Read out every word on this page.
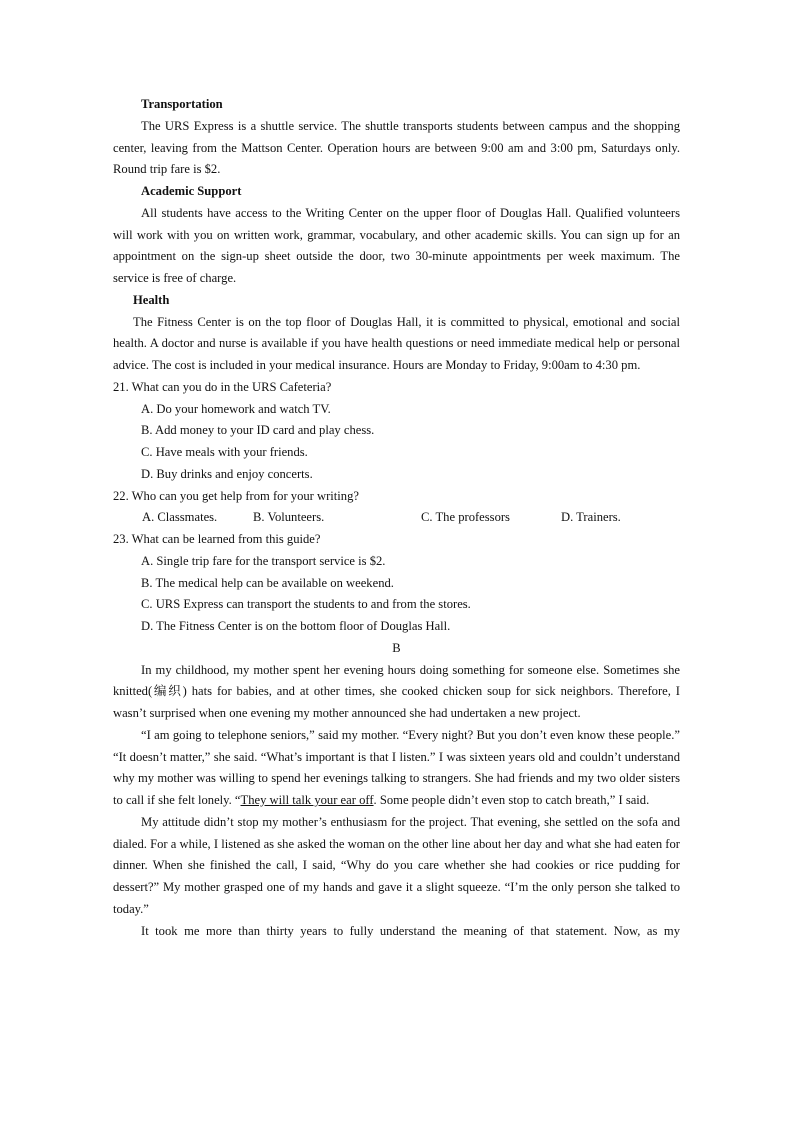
Transportation

The URS Express is a shuttle service. The shuttle transports students between campus and the shopping center, leaving from the Mattson Center. Operation hours are between 9:00 am and 3:00 pm, Saturdays only. Round trip fare is $2.

Academic Support

All students have access to the Writing Center on the upper floor of Douglas Hall. Qualified volunteers will work with you on written work, grammar, vocabulary, and other academic skills. You can sign up for an appointment on the sign-up sheet outside the door, two 30-minute appointments per week maximum. The service is free of charge.

Health

The Fitness Center is on the top floor of Douglas Hall, it is committed to physical, emotional and social health. A doctor and nurse is available if you have health questions or need immediate medical help or personal advice. The cost is included in your medical insurance. Hours are Monday to Friday, 9:00am to 4:30 pm.

21. What can you do in the URS Cafeteria?

A. Do your homework and watch TV.

B. Add money to your ID card and play chess.

C. Have meals with your friends.

D. Buy drinks and enjoy concerts.

22. Who can you get help from for your writing?

A. Classmates.	B. Volunteers.	C. The professors	D. Trainers.

23. What can be learned from this guide?

A. Single trip fare for the transport service is $2.

B. The medical help can be available on weekend.

C. URS Express can transport the students to and from the stores.

D. The Fitness Center is on the bottom floor of Douglas Hall.

B

In my childhood, my mother spent her evening hours doing something for someone else. Sometimes she knitted(编织) hats for babies, and at other times, she cooked chicken soup for sick neighbors. Therefore, I wasn’t surprised when one evening my mother announced she had undertaken a new project.

“I am going to telephone seniors,” said my mother. “Every night? But you don’t even know these people.” “It doesn’t matter,” she said. “What’s important is that I listen.” I was sixteen years old and couldn’t understand why my mother was willing to spend her evenings talking to strangers. She had friends and my two older sisters to call if she felt lonely. “They will talk your ear off. Some people didn’t even stop to catch breath,” I said.

My attitude didn’t stop my mother’s enthusiasm for the project. That evening, she settled on the sofa and dialed. For a while, I listened as she asked the woman on the other line about her day and what she had eaten for dinner. When she finished the call, I said, “Why do you care whether she had cookies or rice pudding for dessert?” My mother grasped one of my hands and gave it a slight squeeze. “I’m the only person she talked to today.”

It took me more than thirty years to fully understand the meaning of that statement. Now, as my
